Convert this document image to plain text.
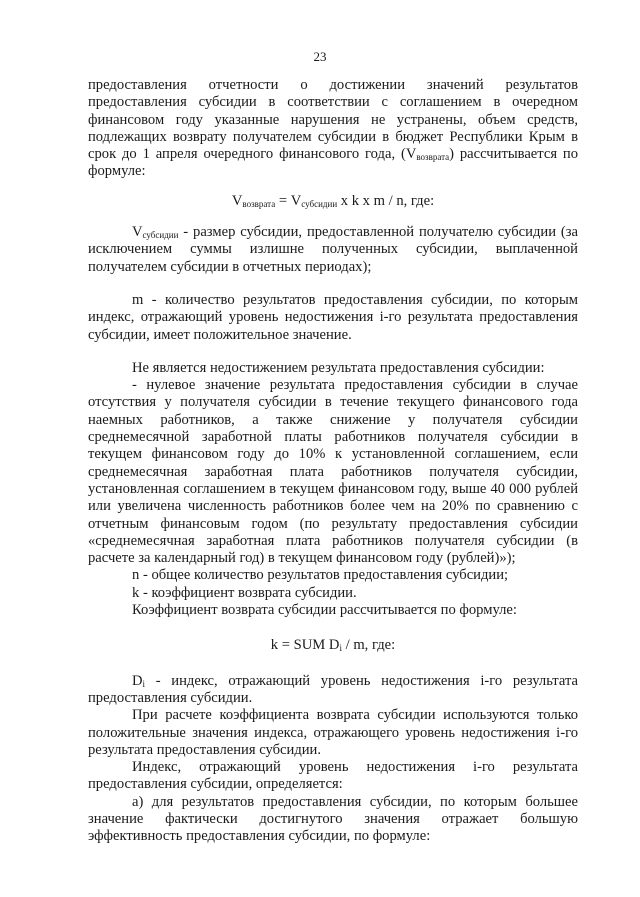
23

предоставления отчетности о достижении значений результатов предоставления субсидии в соответствии с соглашением в очередном финансовом году указанные нарушения не устранены, объем средств, подлежащих возврату получателем субсидии в бюджет Республики Крым в срок до 1 апреля очередного финансового года, $(V_{возврата})$ рассчитывается по формуле:

$V_{возврата} = V_{субсидии}$ x k x m / n, где:

$V_{субсидии}$ - размер субсидии, предоставленной получателю субсидии (за исключением суммы излишне полученных субсидии, выплаченной получателем субсидии в отчетных периодах);

m - количество результатов предоставления субсидии, по которым индекс, отражающий уровень недостижения i-го результата предоставления субсидии, имеет положительное значение.

Не является недостижением результата предоставления субсидии:

- нулевое значение результата предоставления субсидии в случае отсутствия у получателя субсидии в течение текущего финансового года наемных работников, а также снижение у получателя субсидии среднемесячной заработной платы работников получателя субсидии в текущем финансовом году до 10% к установленной соглашением, если среднемесячная заработная плата работников получателя субсидии, установленная соглашением в текущем финансовом году, выше 40 000 рублей или увеличена численность работников более чем на 20% по сравнению с отчетным финансовым годом (по результату предоставления субсидии «среднемесячная заработная плата работников получателя субсидии (в расчете за календарный год) в текущем финансовом году (рублей)»);

n - общее количество результатов предоставления субсидии;

k - коэффициент возврата субсидии.

Коэффициент возврата субсидии рассчитывается по формуле:

k = SUM $D_i$ / m, где:

$D_i$ - индекс, отражающий уровень недостижения i-го результата предоставления субсидии.

При расчете коэффициента возврата субсидии используются только положительные значения индекса, отражающего уровень недостижения i-го результата предоставления субсидии.

Индекс, отражающий уровень недостижения i-го результата предоставления субсидии, определяется:

а) для результатов предоставления субсидии, по которым большее значение фактически достигнутого значения отражает большую эффективность предоставления субсидии, по формуле:
